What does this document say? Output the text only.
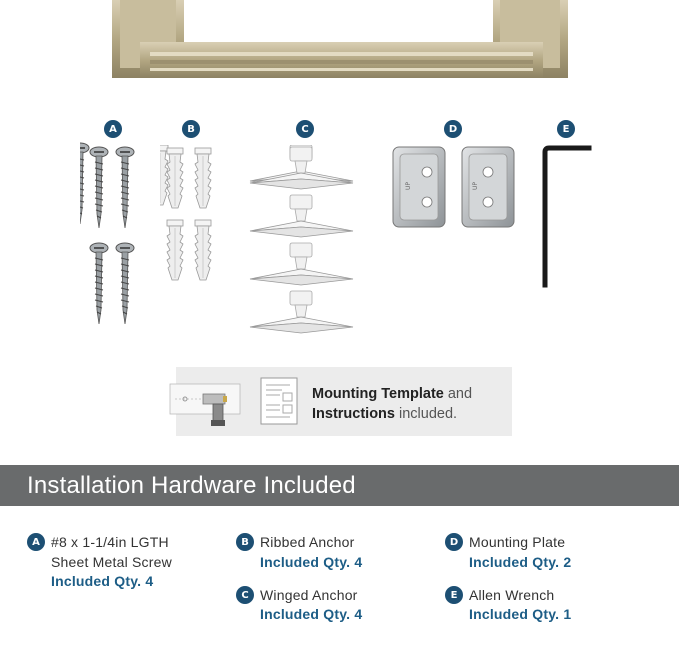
A	B	C	D	E
UP	UP
Mounting Template and
Instructions included.
Installation Hardware Included
A #8 x 1-1/4in LGTH
Sheet Metal Screw
Included Qty. 4
B Ribbed Anchor
Included Qty. 4
C Winged Anchor
Included Qty. 4
D Mounting Plate
Included Qty. 2
E Allen Wrench
Included Qty. 1
